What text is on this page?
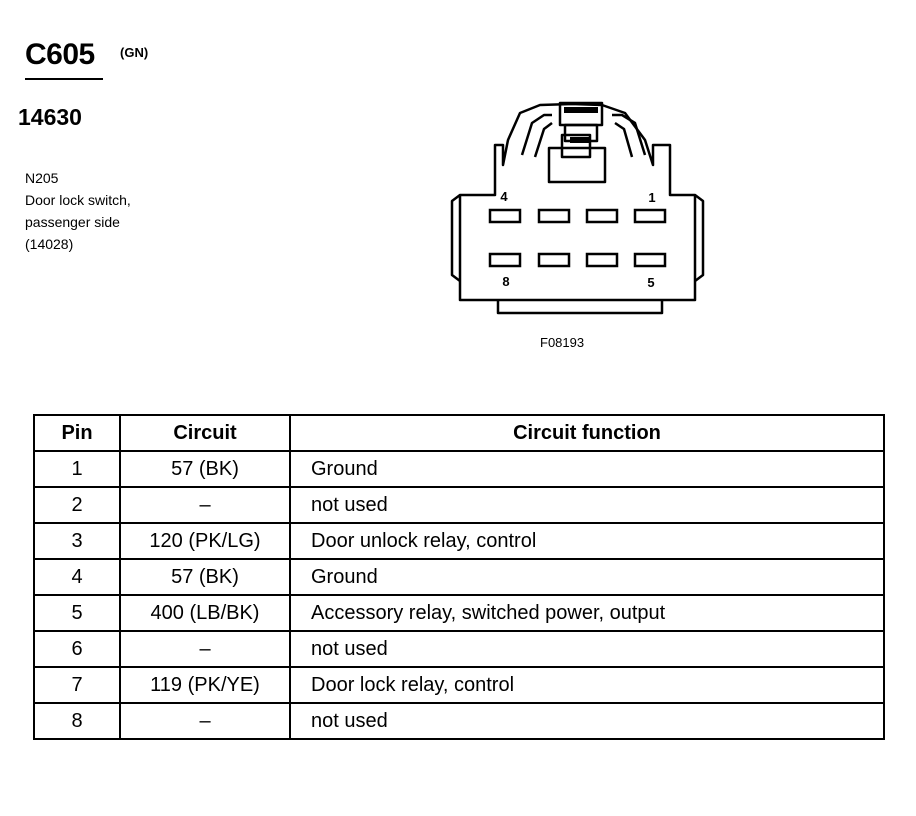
C605 (GN)
14630
N205
Door lock switch,
passenger side
(14028)
4	1
8	5
F08193
Pin	Circuit	Circuit function
1	57 (BK)	Ground
2	–	not used
3	120 (PK/LG)	Door unlock relay, control
4	57 (BK)	Ground
5	400 (LB/BK)	Accessory relay, switched power, output
6	–	not used
7	119 (PK/YE)	Door lock relay, control
8	–	not used
